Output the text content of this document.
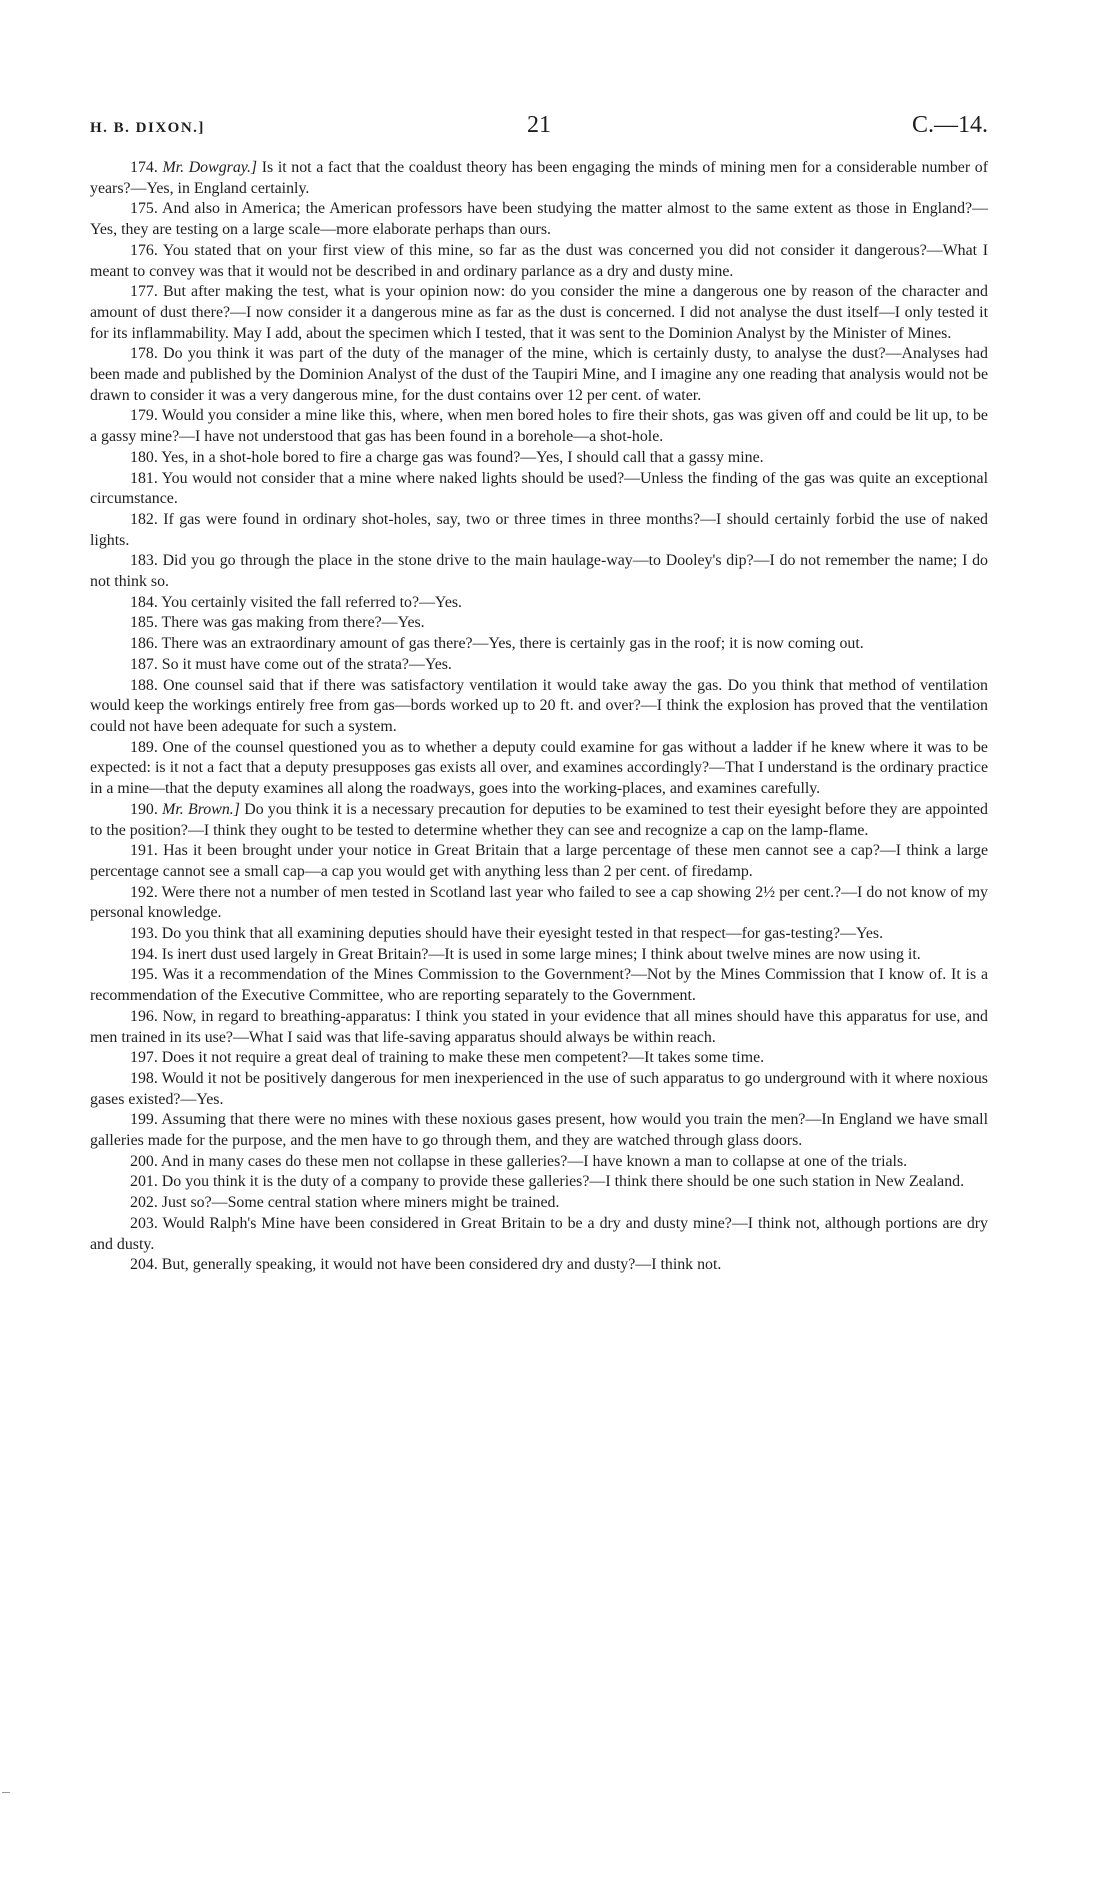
H. B. DIXON.]	21	C.—14.

174. Mr. Dowgray.] Is it not a fact that the coaldust theory has been engaging the minds of mining men for a considerable number of years?—Yes, in England certainly.

175. And also in America; the American professors have been studying the matter almost to the same extent as those in England?—Yes, they are testing on a large scale—more elaborate perhaps than ours.

176. You stated that on your first view of this mine, so far as the dust was concerned you did not consider it dangerous?—What I meant to convey was that it would not be described in and ordinary parlance as a dry and dusty mine.

177. But after making the test, what is your opinion now: do you consider the mine a dangerous one by reason of the character and amount of dust there?—I now consider it a dangerous mine as far as the dust is concerned. I did not analyse the dust itself—I only tested it for its inflammability. May I add, about the specimen which I tested, that it was sent to the Dominion Analyst by the Minister of Mines.

178. Do you think it was part of the duty of the manager of the mine, which is certainly dusty, to analyse the dust?—Analyses had been made and published by the Dominion Analyst of the dust of the Taupiri Mine, and I imagine any one reading that analysis would not be drawn to consider it was a very dangerous mine, for the dust contains over 12 per cent. of water.

179. Would you consider a mine like this, where, when men bored holes to fire their shots, gas was given off and could be lit up, to be a gassy mine?—I have not understood that gas has been found in a borehole—a shot-hole.

180. Yes, in a shot-hole bored to fire a charge gas was found?—Yes, I should call that a gassy mine.

181. You would not consider that a mine where naked lights should be used?—Unless the finding of the gas was quite an exceptional circumstance.

182. If gas were found in ordinary shot-holes, say, two or three times in three months?—I should certainly forbid the use of naked lights.

183. Did you go through the place in the stone drive to the main haulage-way—to Dooley's dip?—I do not remember the name; I do not think so.

184. You certainly visited the fall referred to?—Yes.

185. There was gas making from there?—Yes.

186. There was an extraordinary amount of gas there?—Yes, there is certainly gas in the roof; it is now coming out.

187. So it must have come out of the strata?—Yes.

188. One counsel said that if there was satisfactory ventilation it would take away the gas. Do you think that method of ventilation would keep the workings entirely free from gas—bords worked up to 20 ft. and over?—I think the explosion has proved that the ventilation could not have been adequate for such a system.

189. One of the counsel questioned you as to whether a deputy could examine for gas without a ladder if he knew where it was to be expected: is it not a fact that a deputy presupposes gas exists all over, and examines accordingly?—That I understand is the ordinary practice in a mine—that the deputy examines all along the roadways, goes into the working-places, and examines carefully.

190. Mr. Brown.] Do you think it is a necessary precaution for deputies to be examined to test their eyesight before they are appointed to the position?—I think they ought to be tested to determine whether they can see and recognize a cap on the lamp-flame.

191. Has it been brought under your notice in Great Britain that a large percentage of these men cannot see a cap?—I think a large percentage cannot see a small cap—a cap you would get with anything less than 2 per cent. of firedamp.

192. Were there not a number of men tested in Scotland last year who failed to see a cap showing 2½ per cent.?—I do not know of my personal knowledge.

193. Do you think that all examining deputies should have their eyesight tested in that respect—for gas-testing?—Yes.

194. Is inert dust used largely in Great Britain?—It is used in some large mines; I think about twelve mines are now using it.

195. Was it a recommendation of the Mines Commission to the Government?—Not by the Mines Commission that I know of. It is a recommendation of the Executive Committee, who are reporting separately to the Government.

196. Now, in regard to breathing-apparatus: I think you stated in your evidence that all mines should have this apparatus for use, and men trained in its use?—What I said was that life-saving apparatus should always be within reach.

197. Does it not require a great deal of training to make these men competent?—It takes some time.

198. Would it not be positively dangerous for men inexperienced in the use of such apparatus to go underground with it where noxious gases existed?—Yes.

199. Assuming that there were no mines with these noxious gases present, how would you train the men?—In England we have small galleries made for the purpose, and the men have to go through them, and they are watched through glass doors.

200. And in many cases do these men not collapse in these galleries?—I have known a man to collapse at one of the trials.

201. Do you think it is the duty of a company to provide these galleries?—I think there should be one such station in New Zealand.

202. Just so?—Some central station where miners might be trained.

203. Would Ralph's Mine have been considered in Great Britain to be a dry and dusty mine?—I think not, although portions are dry and dusty.

204. But, generally speaking, it would not have been considered dry and dusty?—I think not.
